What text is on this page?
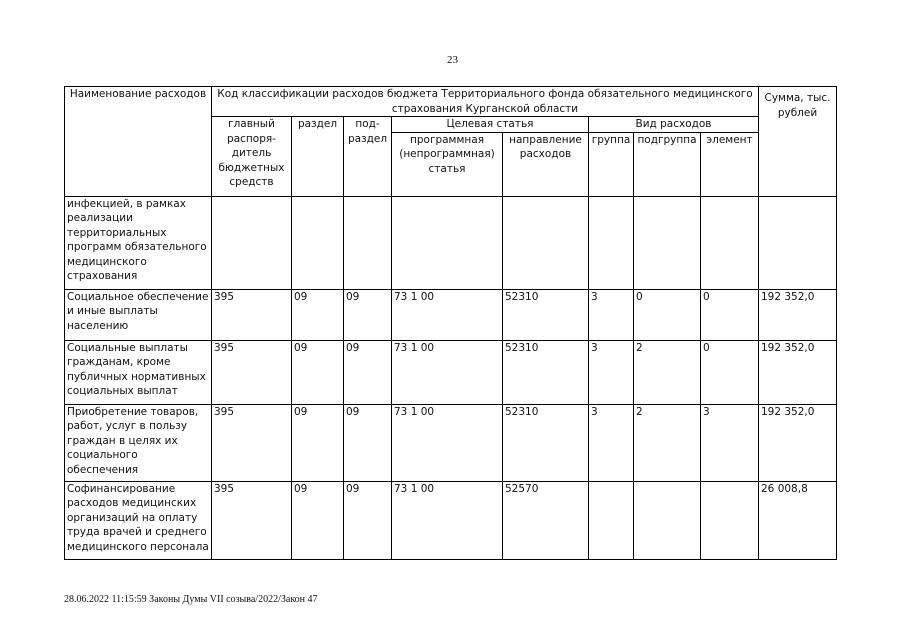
23
Наименование расходов	Код классификации расходов бюджета Территориального фонда обязательного медицинского страхования Курганской области								Сумма, тыс. рублей
	главный распоря-дитель бюджетных средств	раздел	под-раздел	Целевая статья		Вид расходов			
				программная (непрограммная) статья	направление расходов	группа	подгруппа	элемент	
инфекцией, в рамках реализации территориальных программ обязательного медицинского страхования									
Социальное обеспечение и иные выплаты населению	395	09	09	73 1 00	52310	3	0	0	192 352,0
Социальные выплаты гражданам, кроме публичных нормативных социальных выплат	395	09	09	73 1 00	52310	3	2	0	192 352,0
Приобретение товаров, работ, услуг в пользу граждан в целях их социального обеспечения	395	09	09	73 1 00	52310	3	2	3	192 352,0
Софинансирование расходов медицинских организаций на оплату труда врачей и среднего медицинского персонала	395	09	09	73 1 00	52570				26 008,8
28.06.2022 11:15:59 Законы Думы VII созыва/2022/Закон 47
